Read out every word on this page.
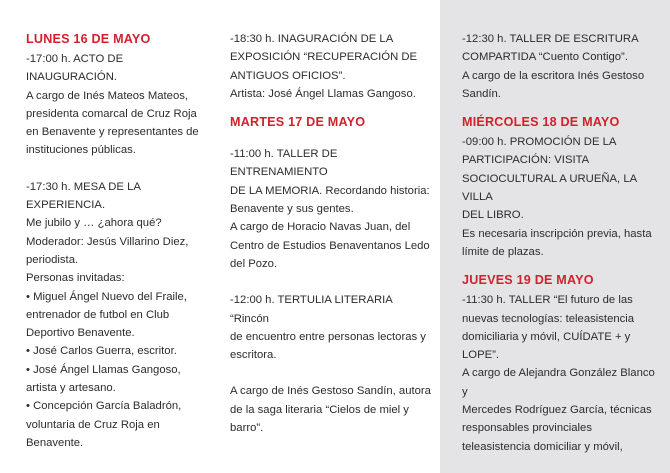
LUNES 16 DE MAYO

-17:00 h. ACTO DE

INAUGURACIÓN.

A cargo de Inés Mateos Mateos,

presidenta comarcal de Cruz Roja

en Benavente y representantes de

instituciones públicas.

-17:30 h. MESA DE LA EXPERIENCIA.

Me jubilo y … ¿ahora qué?

Moderador: Jesús Villarino Diez,

periodista.

Personas invitadas:

• Miguel Ángel Nuevo del Fraile,

entrenador de futbol en Club

Deportivo Benavente.

• José Carlos Guerra, escritor.

• José Ángel Llamas Gangoso,

artista y artesano.

• Concepción García Baladrón,

voluntaria de Cruz Roja en

Benavente.

-18:30 h. INAGURACIÓN DE LA

EXPOSICIÓN “RECUPERACIÓN DE

ANTIGUOS OFICIOS”.

Artista: José Ángel Llamas Gangoso.

MARTES 17 DE MAYO

-11:00 h. TALLER DE ENTRENAMIENTO

DE LA MEMORIA. Recordando historia:

Benavente y sus gentes.

A cargo de Horacio Navas Juan, del

Centro de Estudios Benaventanos Ledo

del Pozo.

-12:00 h. TERTULIA LITERARIA “Rincón

de encuentro entre personas lectoras y

escritora.

A cargo de Inés Gestoso Sandín, autora

de la saga literaria “Cielos de miel y

barro”.

-12:30 h. TALLER DE ESCRITURA

COMPARTIDA “Cuento Contigo”.

A cargo de la escritora Inés Gestoso

Sandín.

MIÉRCOLES 18 DE MAYO

-09:00 h. PROMOCIÓN DE LA

PARTICIPACIÓN: VISITA

SOCIOCULTURAL A URUEÑA, LA VILLA

DEL LIBRO.

Es necesaria inscripción previa, hasta

límite de plazas.

JUEVES 19 DE MAYO

-11:30 h. TALLER “El futuro de las

nuevas tecnologías: teleasistencia

domiciliaria y móvil, CUÍDATE + y

LOPE”.

A cargo de Alejandra González Blanco y

Mercedes Rodríguez García, técnicas

responsables provinciales

teleasistencia domiciliar y móvil,
